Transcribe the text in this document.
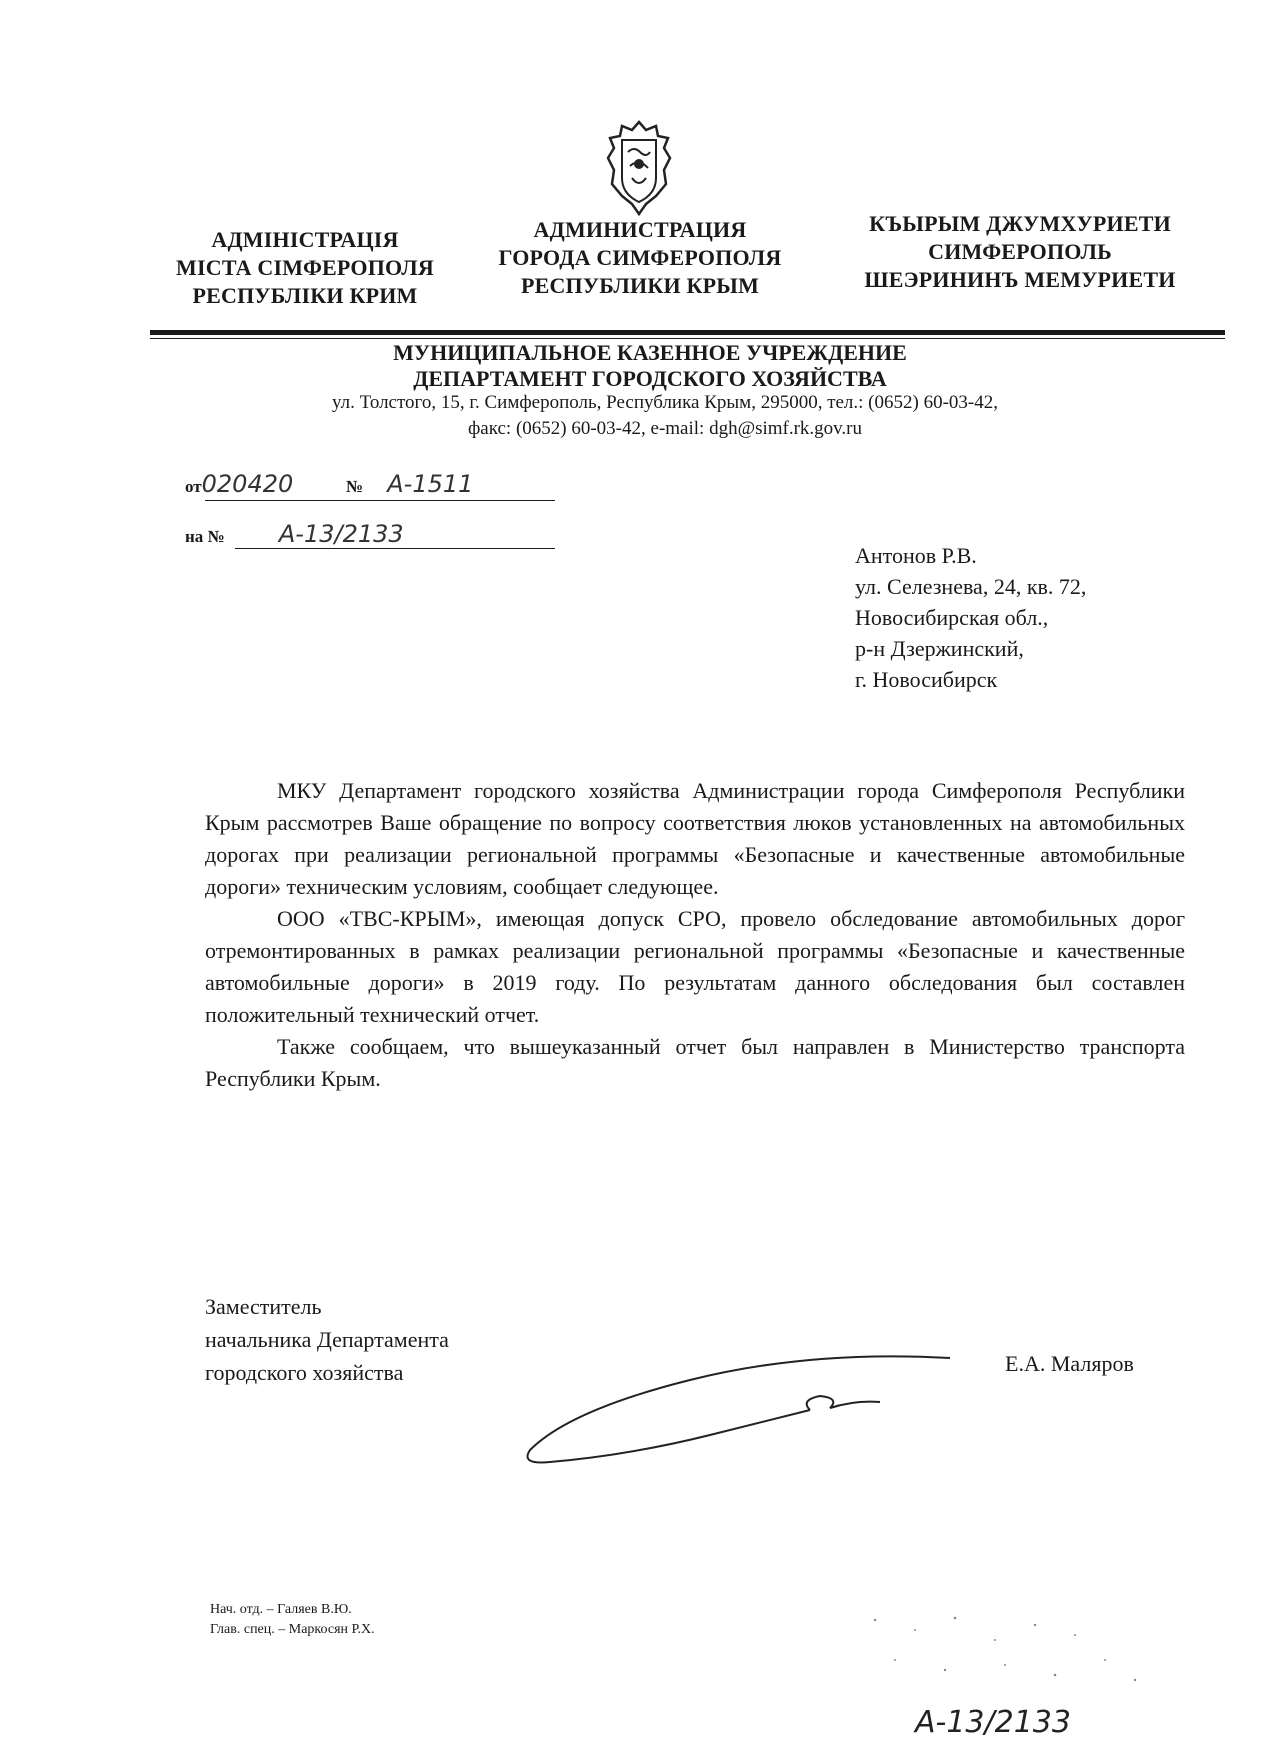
АДМІНІСТРАЦІЯ
МІСТА СІМФЕРОПОЛЯ
РЕСПУБЛІКИ КРИМ
АДМИНИСТРАЦИЯ
ГОРОДА СИМФЕРОПОЛЯ
РЕСПУБЛИКИ КРЫМ
КЪЫРЫМ ДЖУМХУРИЕТИ
СИМФЕРОПОЛЬ
ШЕЭРИНИНЪ МЕМУРИЕТИ
МУНИЦИПАЛЬНОЕ КАЗЕННОЕ УЧРЕЖДЕНИЕ
ДЕПАРТАМЕНТ ГОРОДСКОГО ХОЗЯЙСТВА
ул. Толстого, 15, г. Симферополь, Республика Крым, 295000, тел.: (0652) 60-03-42,
факс: (0652) 60-03-42, e-mail: dgh@simf.rk.gov.ru
от020420	№ А-1511
на № А-13/2133
Антонов Р.В.
ул. Селезнева, 24, кв. 72,
Новосибирская обл.,
р-н Дзержинский,
г. Новосибирск

МКУ Департамент городского хозяйства Администрации города Симферополя Республики Крым рассмотрев Ваше обращение по вопросу соответствия люков установленных на автомобильных дорогах при реализации региональной программы «Безопасные и качественные автомобильные дороги» техническим условиям, сообщает следующее.

ООО «ТВС-КРЫМ», имеющая допуск СРО, провело обследование автомобильных дорог отремонтированных в рамках реализации региональной программы «Безопасные и качественные автомобильные дороги» в 2019 году. По результатам данного обследования был составлен положительный технический отчет.

Также сообщаем, что вышеуказанный отчет был направлен в Министерство транспорта Республики Крым.

Заместитель
начальника Департамента
городского хозяйства	Е.А. Маляров
Нач. отд. – Галяев В.Ю.
Глав. спец. – Маркосян Р.Х.
А-13/2133
